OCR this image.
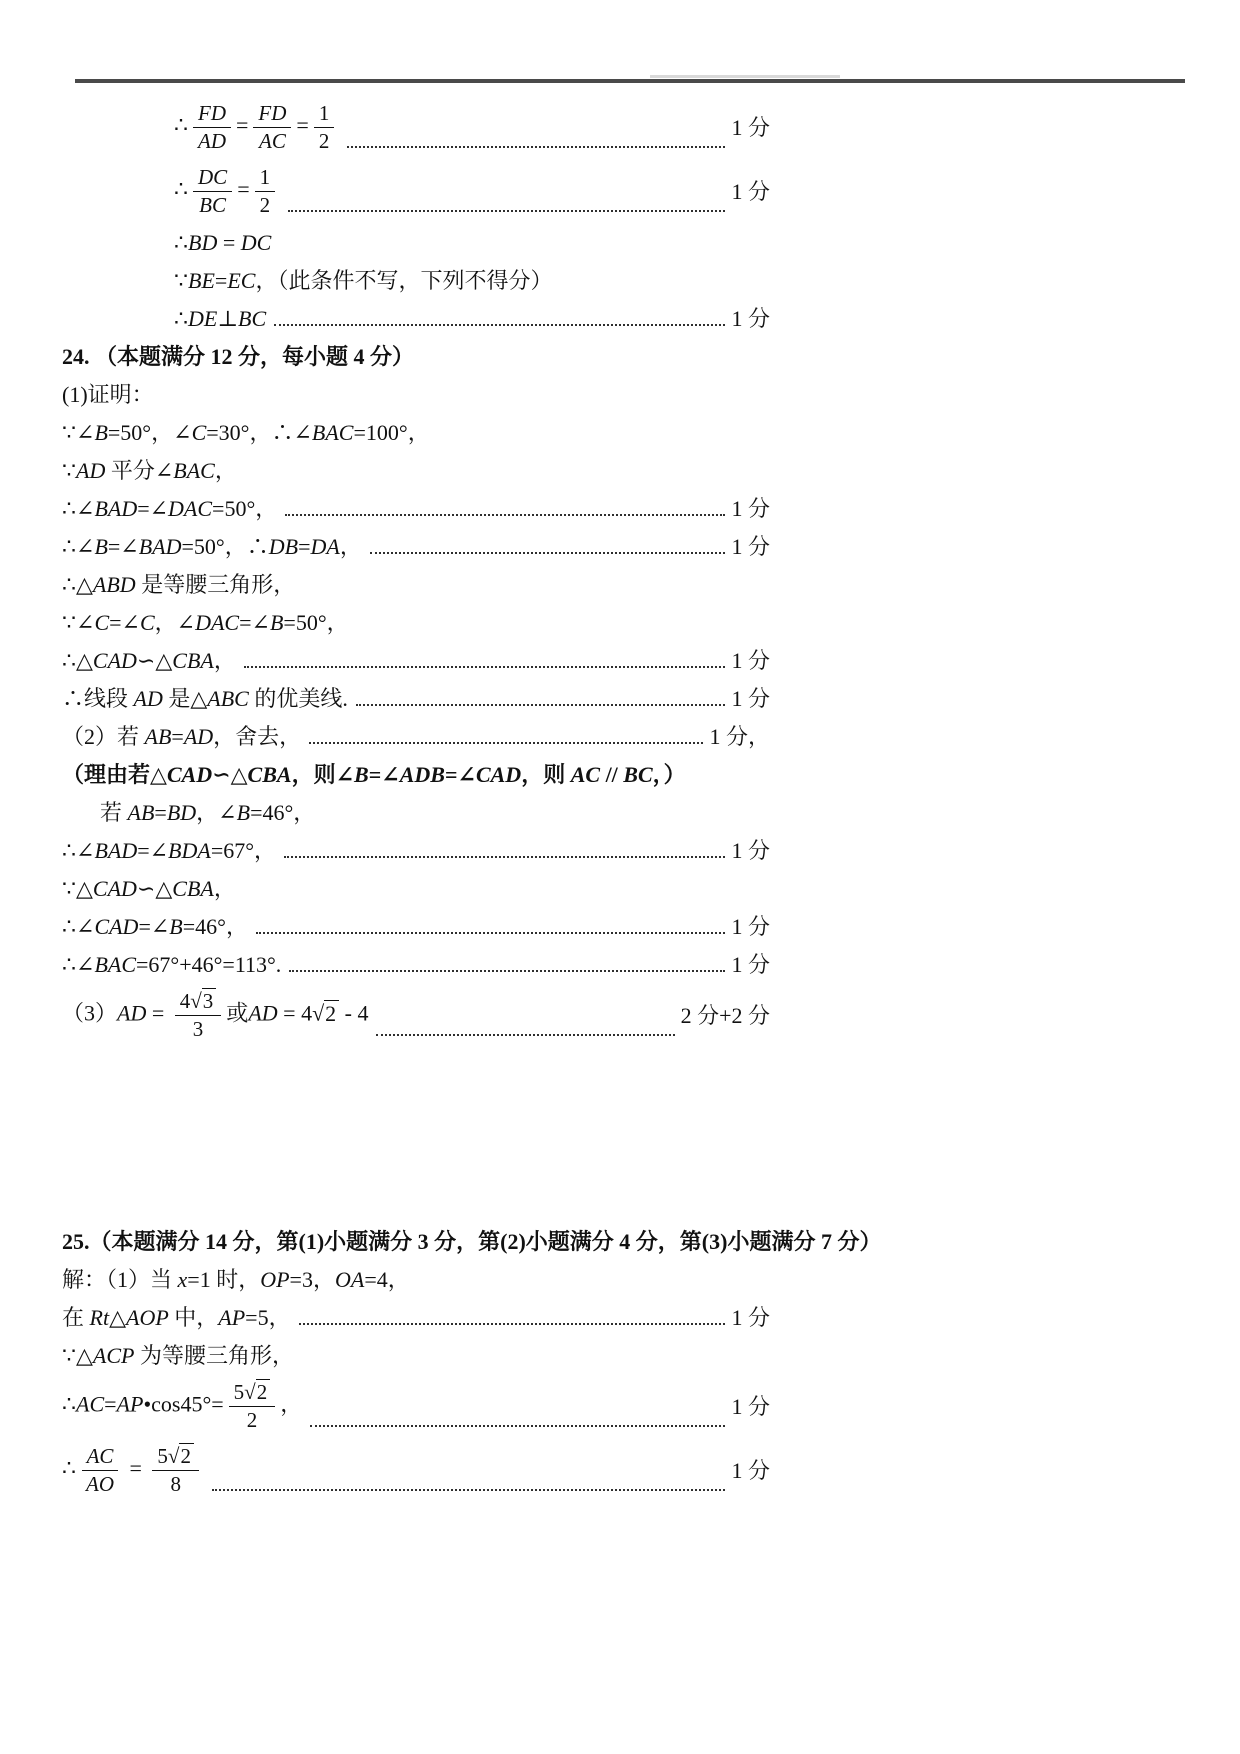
∴ $\frac{FD}{AD} = \frac{FD}{AC} = \frac{1}{2}$	1 分
∴ $\frac{DC}{BC} = \frac{1}{2}$	1 分
∴BD = DC
∵BE=EC，（此条件不写，下列不得分）
∴DE⊥BC	1 分
24. （本题满分 12 分，每小题 4 分）
(1)证明：
∵∠B=50°，∠C=30°，∴∠BAC=100°，
∵AD 平分∠BAC，
∴∠BAD=∠DAC=50°，	1 分
∴∠B=∠BAD=50°，∴DB=DA，	1 分
∴△ABD 是等腰三角形，
∵∠C=∠C，∠DAC=∠B=50°，
∴△CAD∽△CBA，	1 分
∴线段 AD 是△ABC 的优美线.	1 分
（2）若 AB=AD，舍去，	1 分，
（理由若△CAD∽△CBA，则∠B=∠ADB=∠CAD，则 AC // BC，）
若 AB=BD，∠B=46°，
∴∠BAD=∠BDA=67°，	1 分
∵△CAD∽△CBA，
∴∠CAD=∠B=46°，	1 分
∴∠BAC=67°+46°=113°.	1 分
$(3)AD = \frac{4√3}{3}$ 或AD = 4√2 - 4	2 分+2 分
25.（本题满分 14 分，第(1)小题满分 3 分，第(2)小题满分 4 分，第(3)小题满分 7 分）
解：（1）当 x=1 时，OP=3，OA=4，
在 Rt△AOP 中，AP=5，	1 分
∵△ACP 为等腰三角形，
∴AC=AP•cos45°= $\frac{5√2}{2}$ ，	1 分
∴ $\frac{AC}{AO} = \frac{5√2}{8}$	1 分
